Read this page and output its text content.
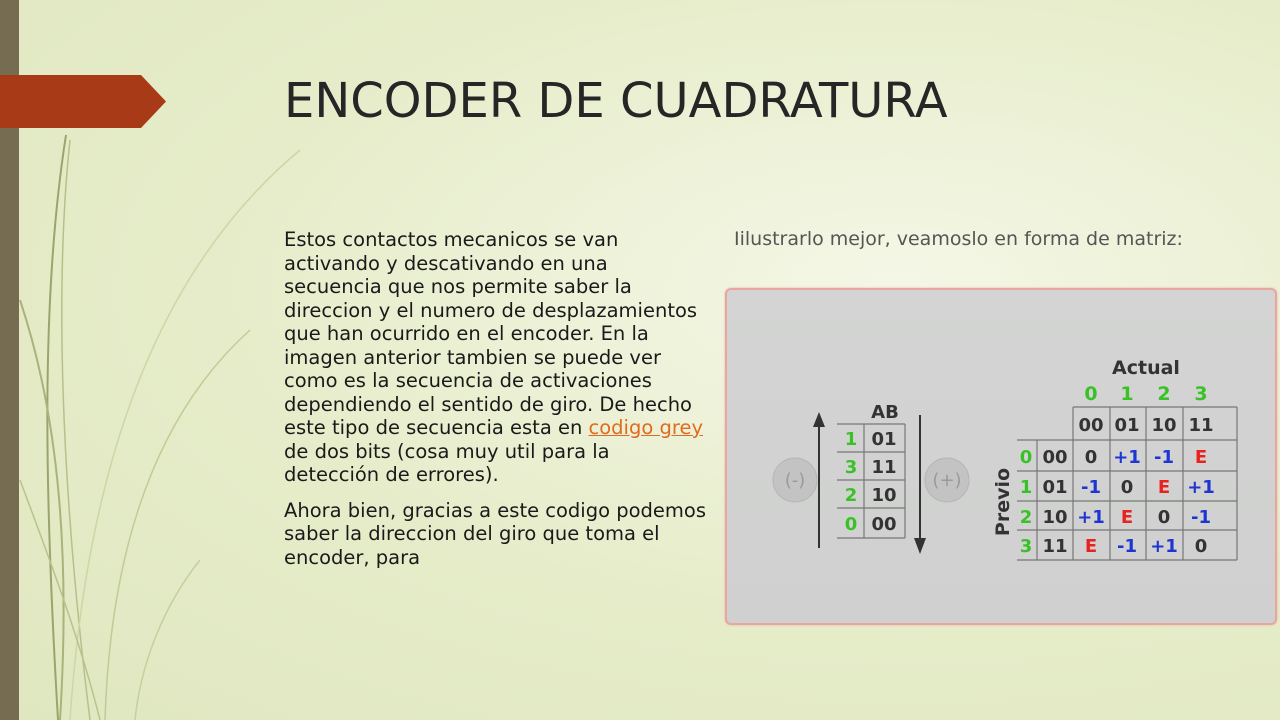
ENCODER DE CUADRATURA

Estos contactos mecanicos se van activando y descativando en una secuencia que nos permite saber la direccion y el numero de desplazamientos que han ocurrido en el encoder. En la imagen anterior tambien se puede ver como es la secuencia de activaciones dependiendo el sentido de giro. De hecho este tipo de secuencia esta en codigo grey de dos bits (cosa muy util para la detección de errores).

Ahora bien, gracias a este codigo podemos saber la direccion del giro que toma el encoder, para

Iilustrarlo mejor, veamoslo en forma de matriz:
(-)	(+)
AB
1 01
3 11
2 10
0 00
Actual
0 1 2 3
Previo
00 01 10 11
0 00
1 01
2 10
3 11
0 +1 -1 E
-1 0 E +1
+1 E 0 -1
E -1 +1 0
